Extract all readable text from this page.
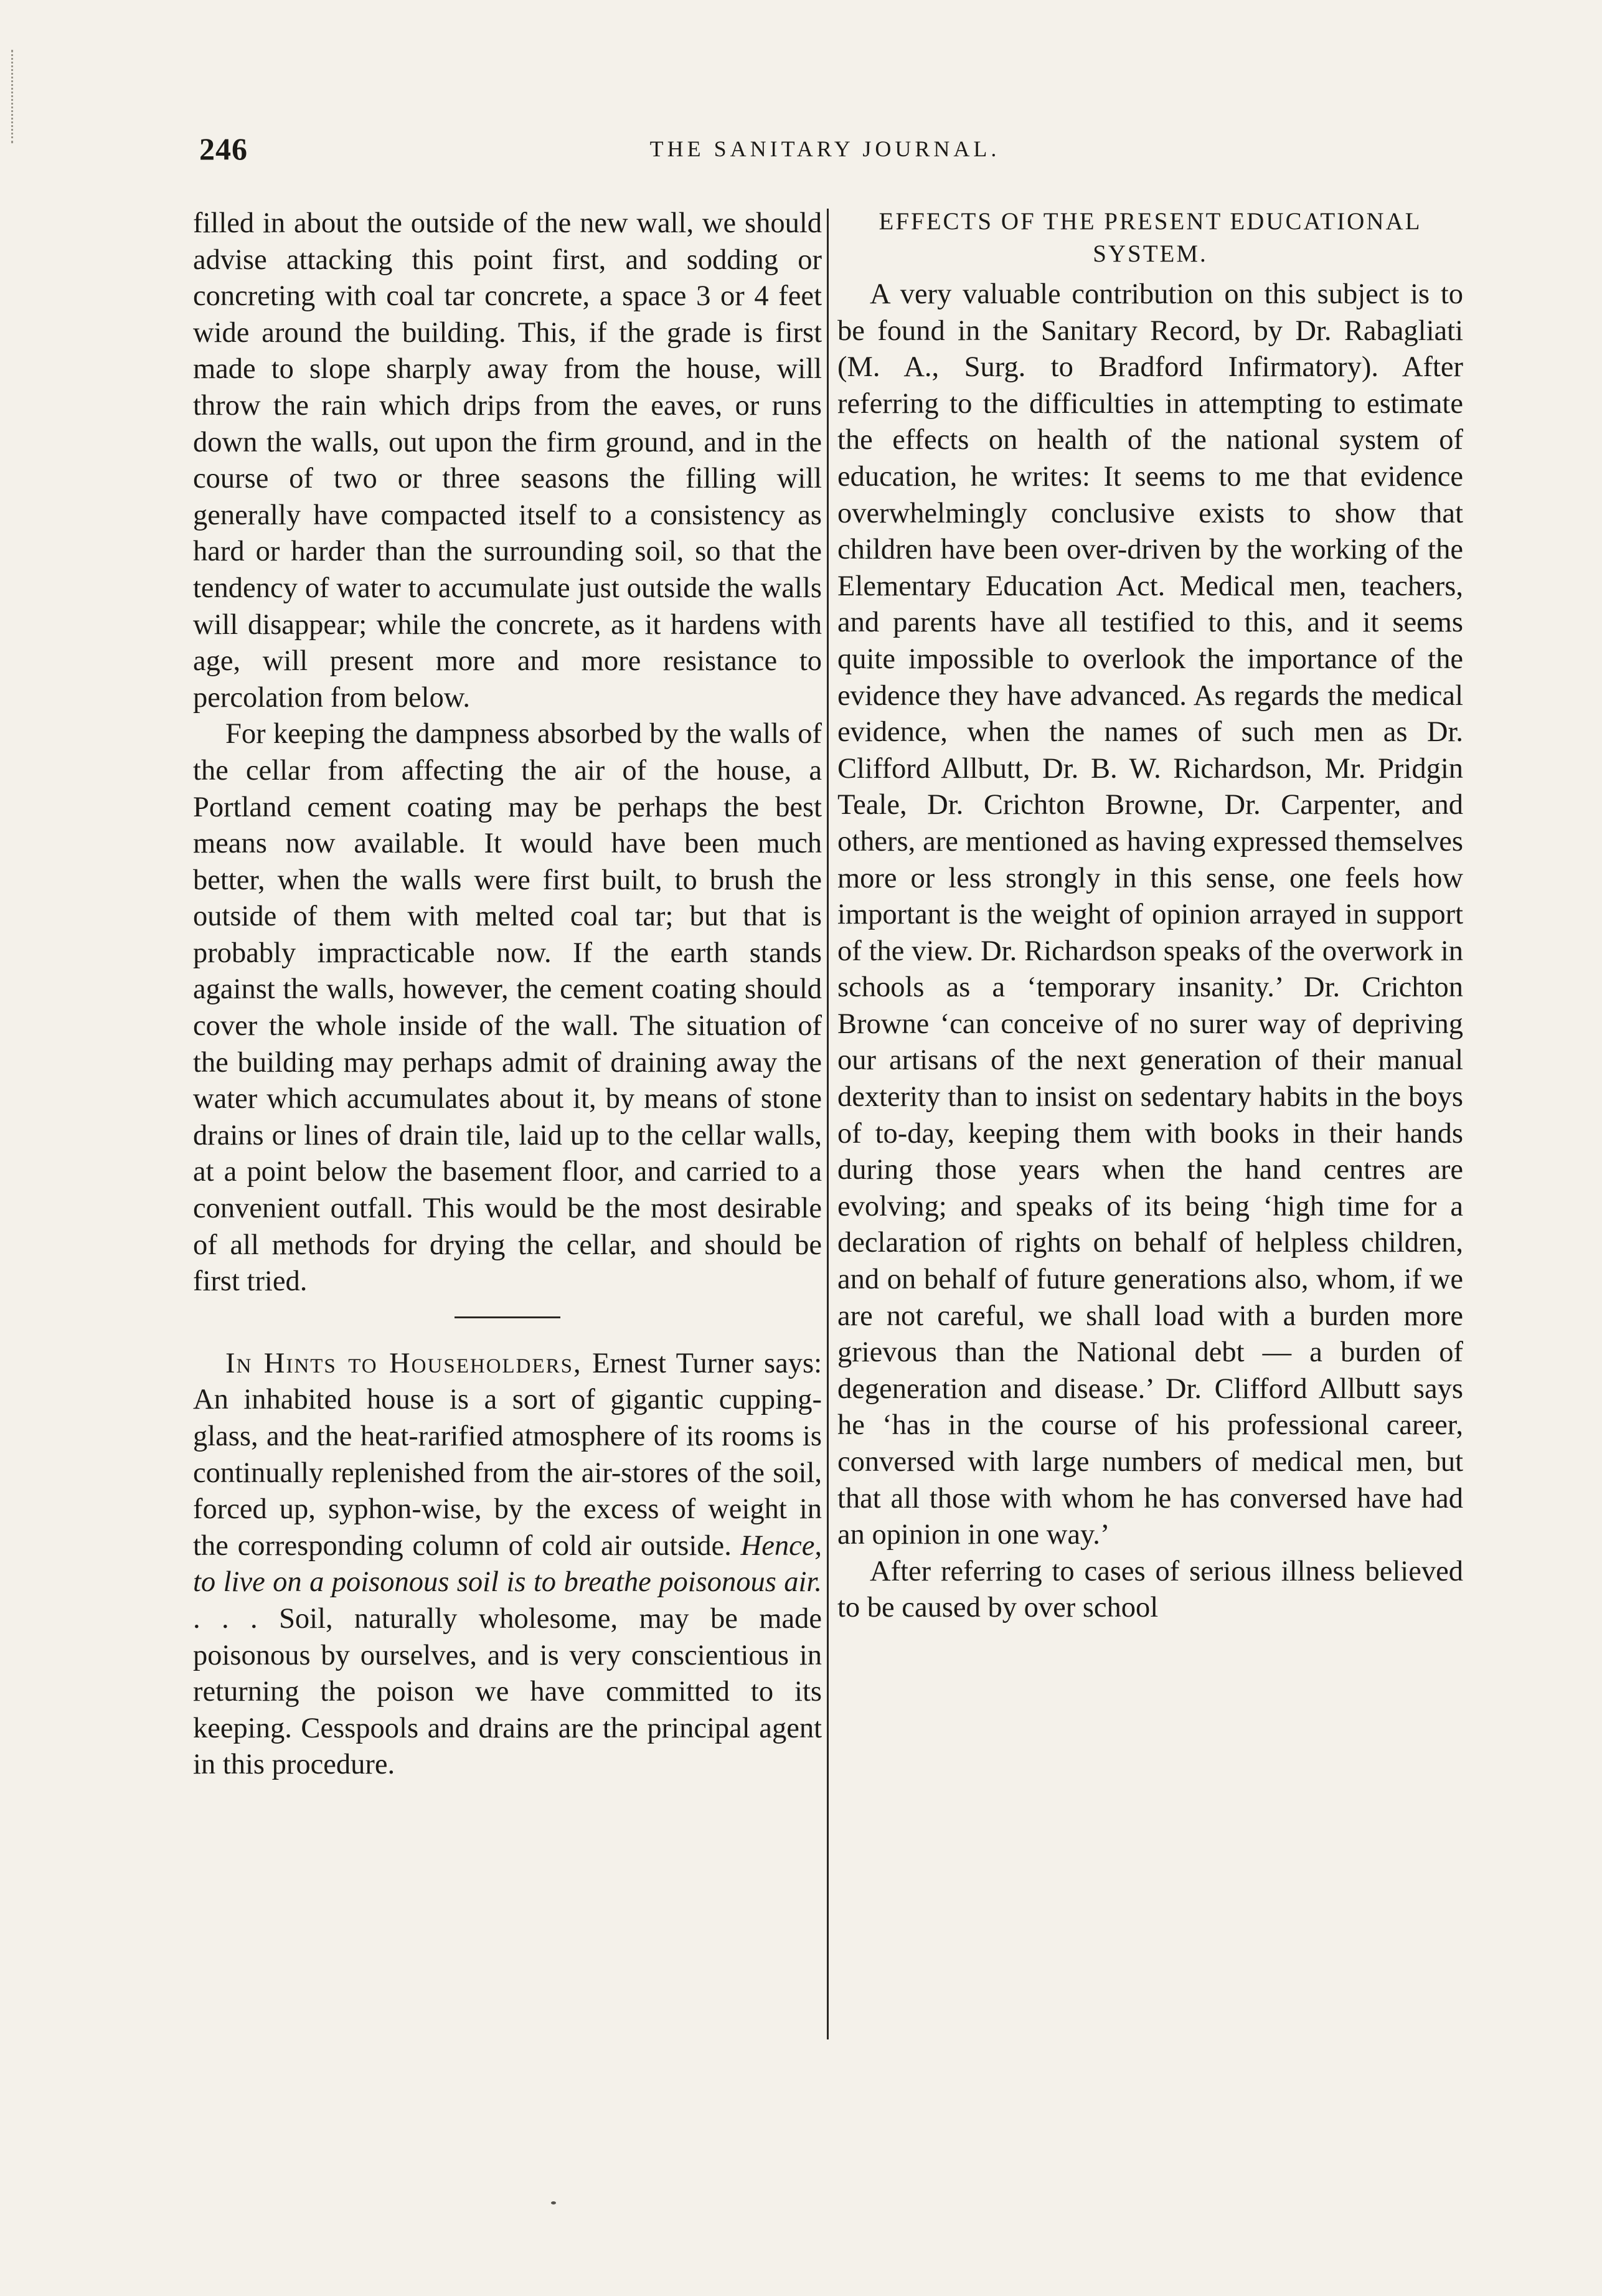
246	THE SANITARY JOURNAL.

filled in about the outside of the new wall, we should advise attacking this point first, and sodding or concreting with coal tar concrete, a space 3 or 4 feet wide around the building. This, if the grade is first made to slope sharply away from the house, will throw the rain which drips from the eaves, or runs down the walls, out upon the firm ground, and in the course of two or three seasons the filling will generally have compacted itself to a consistency as hard or harder than the surrounding soil, so that the tendency of water to accumulate just outside the walls will disappear; while the concrete, as it hardens with age, will present more and more resistance to percolation from below.

For keeping the dampness absorbed by the walls of the cellar from affecting the air of the house, a Portland cement coating may be perhaps the best means now available. It would have been much better, when the walls were first built, to brush the outside of them with melted coal tar; but that is probably impracticable now. If the earth stands against the walls, however, the cement coating should cover the whole inside of the wall. The situation of the building may perhaps admit of draining away the water which accumulates about it, by means of stone drains or lines of drain tile, laid up to the cellar walls, at a point below the basement floor, and carried to a convenient outfall. This would be the most desirable of all methods for drying the cellar, and should be first tried.

In Hints to Householders, Ernest Turner says: An inhabited house is a sort of gigantic cupping-glass, and the heat-rarified atmosphere of its rooms is continually replenished from the air-stores of the soil, forced up, syphon-wise, by the excess of weight in the corresponding column of cold air outside. Hence, to live on a poisonous soil is to breathe poisonous air. . . . Soil, naturally wholesome, may be made poisonous by ourselves, and is very conscientious in returning the poison we have committed to its keeping. Cesspools and drains are the principal agent in this procedure.

EFFECTS OF THE PRESENT EDUCATIONAL SYSTEM.

A very valuable contribution on this subject is to be found in the Sanitary Record, by Dr. Rabagliati (M. A., Surg. to Bradford Infirmatory). After referring to the difficulties in attempting to estimate the effects on health of the national system of education, he writes: It seems to me that evidence overwhelmingly conclusive exists to show that children have been over-driven by the working of the Elementary Education Act. Medical men, teachers, and parents have all testified to this, and it seems quite impossible to overlook the importance of the evidence they have advanced. As regards the medical evidence, when the names of such men as Dr. Clifford Allbutt, Dr. B. W. Richardson, Mr. Pridgin Teale, Dr. Crichton Browne, Dr. Carpenter, and others, are mentioned as having expressed themselves more or less strongly in this sense, one feels how important is the weight of opinion arrayed in support of the view. Dr. Richardson speaks of the overwork in schools as a ‘temporary insanity.’ Dr. Crichton Browne ‘can conceive of no surer way of depriving our artisans of the next generation of their manual dexterity than to insist on sedentary habits in the boys of to-day, keeping them with books in their hands during those years when the hand centres are evolving; and speaks of its being ‘high time for a declaration of rights on behalf of helpless children, and on behalf of future generations also, whom, if we are not careful, we shall load with a burden more grievous than the National debt — a burden of degeneration and disease.’ Dr. Clifford Allbutt says he ‘has in the course of his professional career, conversed with large numbers of medical men, but that all those with whom he has conversed have had an opinion in one way.’

After referring to cases of serious illness believed to be caused by over school
